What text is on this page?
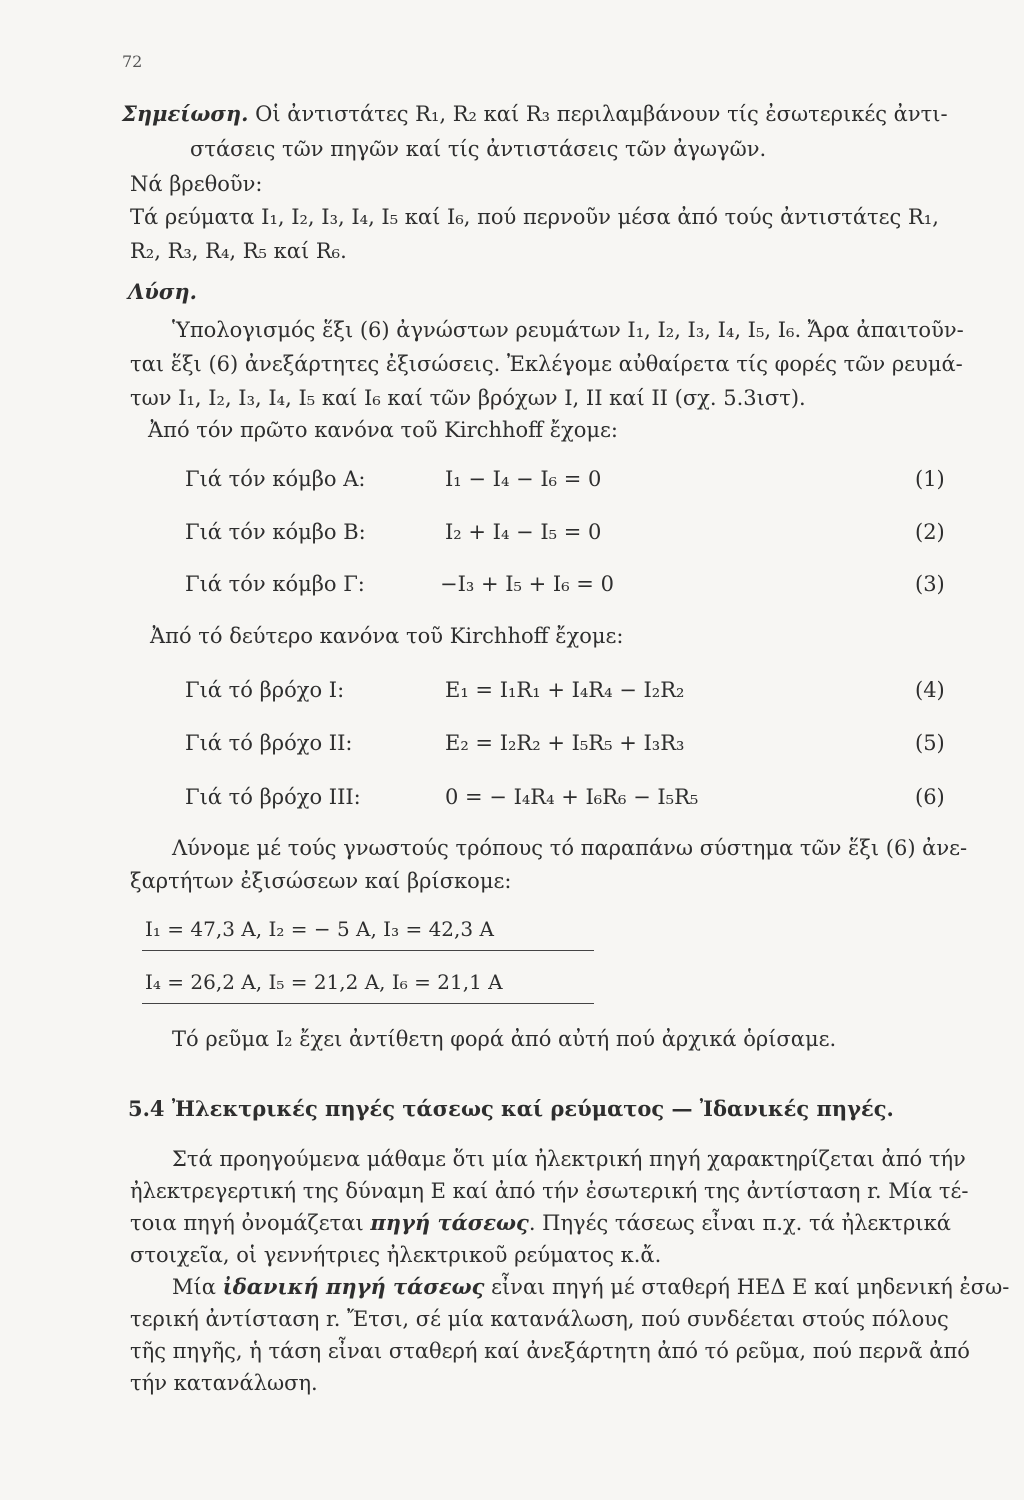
72
Σημείωση. Οἱ ἀντιστάτες R₁, R₂ καί R₃ περιλαμβάνουν τίς ἐσωτερικές ἀντι-
στάσεις τῶν πηγῶν καί τίς ἀντιστάσεις τῶν ἀγωγῶν.
Νά βρεθοῦν:
Τά ρεύματα I₁, I₂, I₃, I₄, I₅ καί I₆, πού περνοῦν μέσα ἀπό τούς ἀντιστάτες R₁,
R₂, R₃, R₄, R₅ καί R₆.
Λύση.
Ὑπολογισμός ἕξι (6) ἀγνώστων ρευμάτων I₁, I₂, I₃, I₄, I₅, I₆. Ἄρα ἀπαιτοῦν-
ται ἕξι (6) ἀνεξάρτητες ἐξισώσεις. Ἐκλέγομε αὐθαίρετα τίς φορές τῶν ρευμά-
των I₁, I₂, I₃, I₄, I₅ καί I₆ καί τῶν βρόχων I, II καί II (σχ. 5.3ιστ).
Ἀπό τόν πρῶτο κανόνα τοῦ Kirchhoff ἔχομε:
Γιά τόν κόμβο A:	I₁ − I₄ − I₆ = 0	(1)
Γιά τόν κόμβο B:	I₂ + I₄ − I₅ = 0	(2)
Γιά τόν κόμβο Γ:	−I₃ + I₅ + I₆ = 0	(3)
Ἀπό τό δεύτερο κανόνα τοῦ Kirchhoff ἔχομε:
Γιά τό βρόχο I:	E₁ = I₁R₁ + I₄R₄ − I₂R₂	(4)
Γιά τό βρόχο II:	E₂ = I₂R₂ + I₅R₅ + I₃R₃	(5)
Γιά τό βρόχο III:	0 = − I₄R₄ + I₆R₆ − I₅R₅	(6)
Λύνομε μέ τούς γνωστούς τρόπους τό παραπάνω σύστημα τῶν ἕξι (6) ἀνε-
ξαρτήτων ἐξισώσεων καί βρίσκομε:
I₁ = 47,3 A, I₂ = − 5 A, I₃ = 42,3 A
I₄ = 26,2 A, I₅ = 21,2 A, I₆ = 21,1 A
Τό ρεῦμα I₂ ἔχει ἀντίθετη φορά ἀπό αὐτή πού ἀρχικά ὁρίσαμε.
5.4 Ἠλεκτρικές πηγές τάσεως καί ρεύματος — Ἰδανικές πηγές.
Στά προηγούμενα μάθαμε ὅτι μία ἠλεκτρική πηγή χαρακτηρίζεται ἀπό τήν
ἠλεκτρεγερτική της δύναμη E καί ἀπό τήν ἐσωτερική της ἀντίσταση r. Μία τέ-
τοια πηγή ὀνομάζεται πηγή τάσεως. Πηγές τάσεως εἶναι π.χ. τά ἠλεκτρικά
στοιχεῖα, οἱ γεννήτριες ἠλεκτρικοῦ ρεύματος κ.ἄ.
Μία ἰδανική πηγή τάσεως εἶναι πηγή μέ σταθερή ΗΕΔ E καί μηδενική ἐσω-
τερική ἀντίσταση r. Ἔτσι, σέ μία κατανάλωση, πού συνδέεται στούς πόλους
τῆς πηγῆς, ἡ τάση εἶναι σταθερή καί ἀνεξάρτητη ἀπό τό ρεῦμα, πού περνᾶ ἀπό
τήν κατανάλωση.
